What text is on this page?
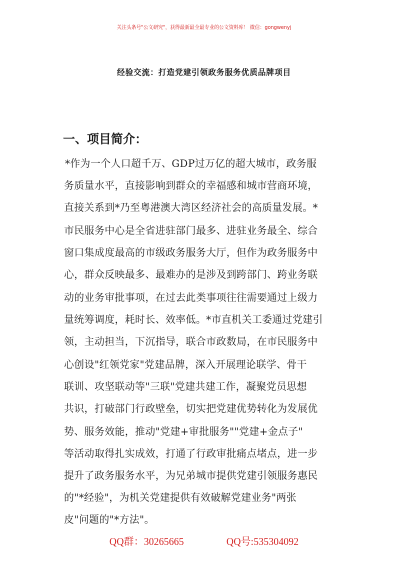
关注头条号"公文研究"，获得最新最全最专业的公文资料库！ 微信：gongwenyj
经验交流：打造党建引领政务服务优质品牌项目
一、项目简介：
*作为一个人口超千万、GDP过万亿的超大城市，政务服
务质量水平，直接影响到群众的幸福感和城市营商环境，
直接关系到*乃至粤港澳大湾区经济社会的高质量发展。*
市民服务中心是全省进驻部门最多、进驻业务最全、综合
窗口集成度最高的市级政务服务大厅，但作为政务服务中
心，群众反映最多、最难办的是涉及到跨部门、跨业务联
动的业务审批事项，在过去此类事项往往需要通过上级力
量统筹调度，耗时长、效率低。*市直机关工委通过党建引
领，主动担当，下沉指导，联合市政数局，在市民服务中
心创设"红领党家"党建品牌，深入开展理论联学、骨干
联训、攻坚联动等"三联"党建共建工作，凝聚党员思想
共识，打破部门行政壁垒，切实把党建优势转化为发展优
势、服务效能，推动"党建+审批服务""党建+金点子"
等活动取得扎实成效，打通了行政审批痛点堵点，进一步
提升了政务服务水平，为兄弟城市提供党建引领服务惠民
的"*经验"，为机关党建提供有效破解党建业务"两张
皮"问题的"*方法"。
QQ群：30265665	QQ号:535304092
